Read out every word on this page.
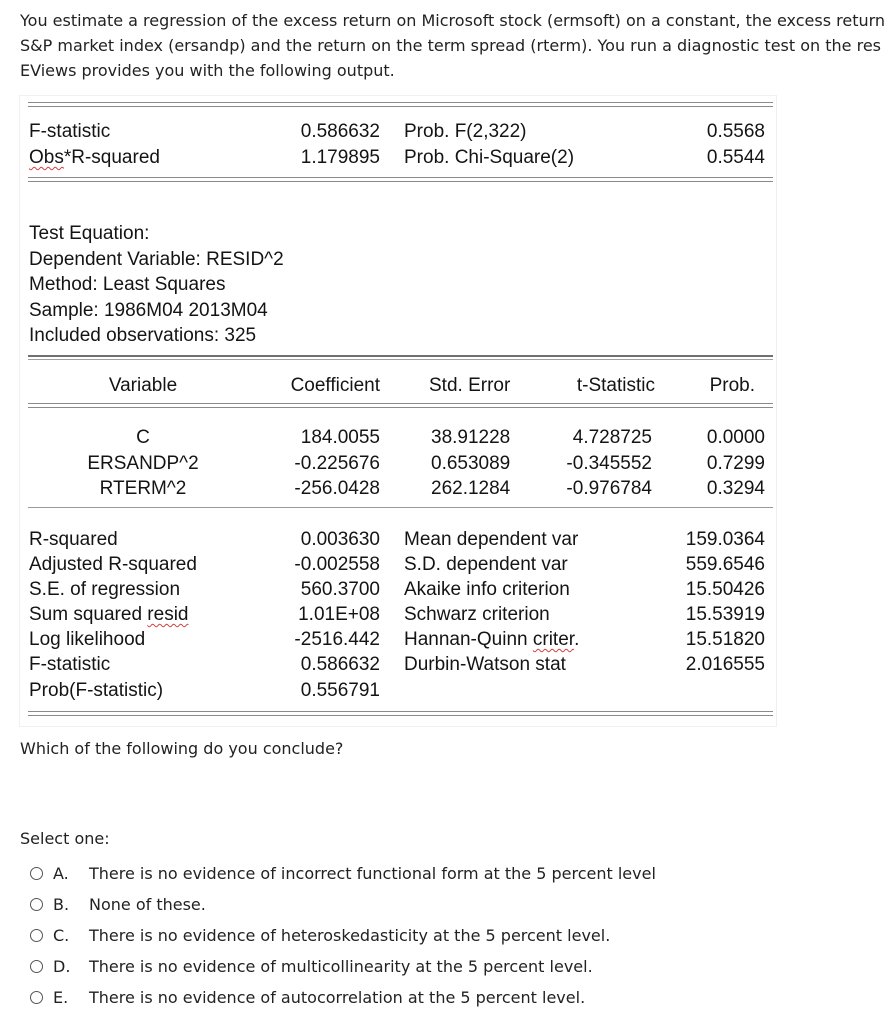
You estimate a regression of the excess return on Microsoft stock (ermsoft) on a constant, the excess return
S&P market index (ersandp) and the return on the term spread (rterm). You run a diagnostic test on the res
EViews provides you with the following output.
F-statistic	0.586632 Prob. F(2,322)	0.5568
Obs*R-squared	1.179895 Prob. Chi-Square(2)	0.5544
Test Equation:
Dependent Variable: RESID^2
Method: Least Squares
Sample: 1986M04 2013M04
Included observations: 325
Variable	Coefficient	Std. Error	t-Statistic	Prob.
C	184.0055	38.91228	4.728725	0.0000
ERSANDP^2	-0.225676	0.653089	-0.345552	0.7299
RTERM^2	-256.0428	262.1284	-0.976784	0.3294
R-squared	0.003630 Mean dependent var	159.0364
Adjusted R-squared	-0.002558 S.D. dependent var	559.6546
S.E. of regression	560.3700 Akaike info criterion	15.50426
Sum squared resid	1.01E+08 Schwarz criterion	15.53919
Log likelihood	-2516.442 Hannan-Quinn criter.	15.51820
F-statistic	0.586632 Durbin-Watson stat	2.016555
Prob(F-statistic)	0.556791
Which of the following do you conclude?
Select one:
A.	There is no evidence of incorrect functional form at the 5 percent level
B.	None of these.
C.	There is no evidence of heteroskedasticity at the 5 percent level.
D.	There is no evidence of multicollinearity at the 5 percent level.
E.	There is no evidence of autocorrelation at the 5 percent level.
